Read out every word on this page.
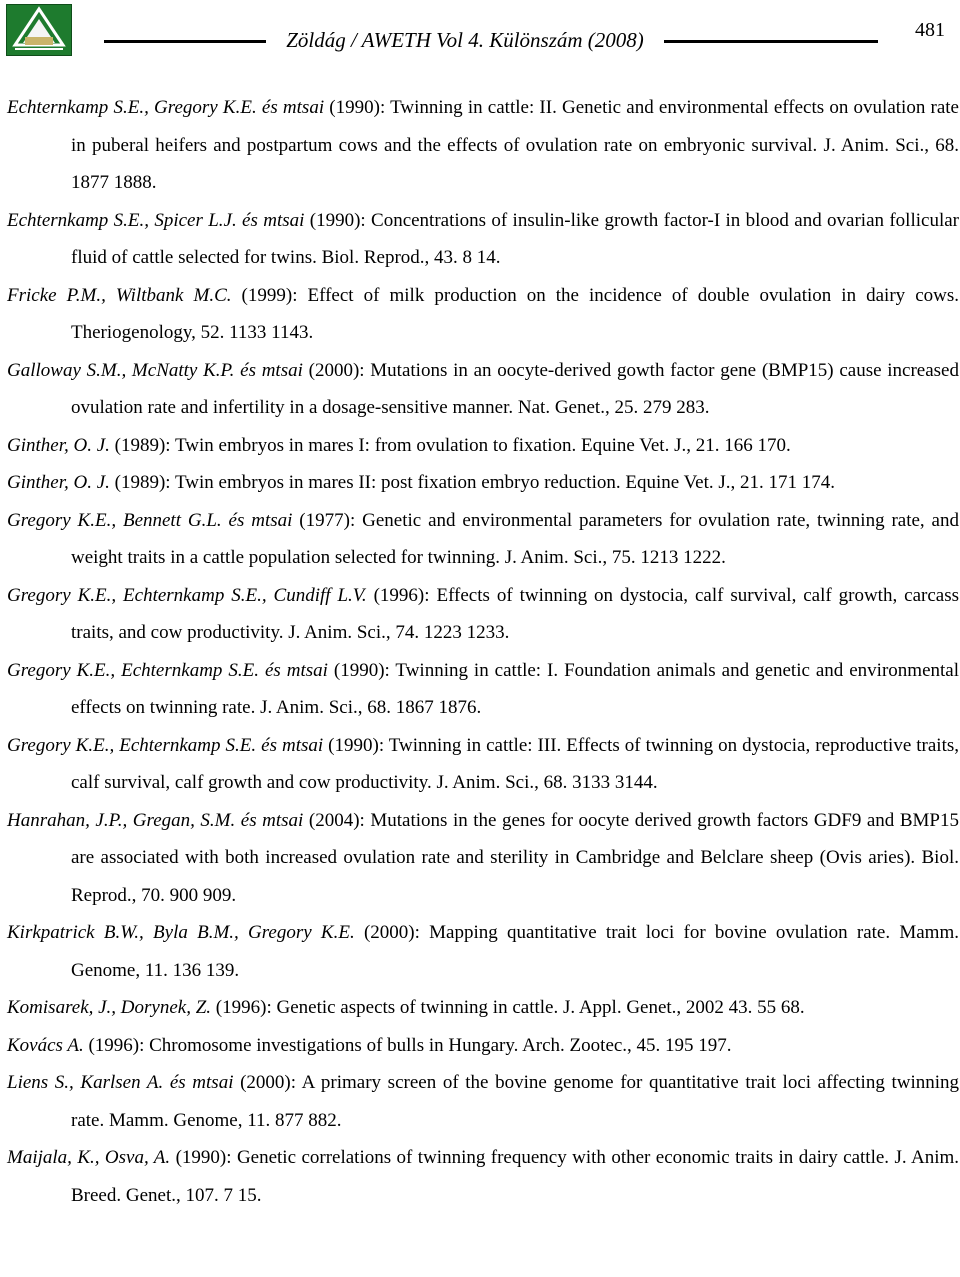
Zöldág / AWETH Vol 4. Különszám (2008)	481

Echternkamp S.E., Gregory K.E. és mtsai (1990): Twinning in cattle: II. Genetic and environmental effects on ovulation rate in puberal heifers and postpartum cows and the effects of ovulation rate on embryonic survival. J. Anim. Sci., 68. 1877 1888.

Echternkamp S.E., Spicer L.J. és mtsai (1990): Concentrations of insulin-like growth factor-I in blood and ovarian follicular fluid of cattle selected for twins. Biol. Reprod., 43. 8 14.

Fricke P.M., Wiltbank M.C. (1999): Effect of milk production on the incidence of double ovulation in dairy cows. Theriogenology, 52. 1133 1143.

Galloway S.M., McNatty K.P. és mtsai (2000): Mutations in an oocyte-derived gowth factor gene (BMP15) cause increased ovulation rate and infertility in a dosage-sensitive manner. Nat. Genet., 25. 279 283.

Ginther, O. J. (1989): Twin embryos in mares I: from ovulation to fixation. Equine Vet. J., 21. 166 170.

Ginther, O. J. (1989): Twin embryos in mares II: post fixation embryo reduction. Equine Vet. J., 21. 171 174.

Gregory K.E., Bennett G.L. és mtsai (1977): Genetic and environmental parameters for ovulation rate, twinning rate, and weight traits in a cattle population selected for twinning. J. Anim. Sci., 75. 1213 1222.

Gregory K.E., Echternkamp S.E., Cundiff L.V. (1996): Effects of twinning on dystocia, calf survival, calf growth, carcass traits, and cow productivity. J. Anim. Sci., 74. 1223 1233.

Gregory K.E., Echternkamp S.E. és mtsai (1990): Twinning in cattle: I. Foundation animals and genetic and environmental effects on twinning rate. J. Anim. Sci., 68. 1867 1876.

Gregory K.E., Echternkamp S.E. és mtsai (1990): Twinning in cattle: III. Effects of twinning on dystocia, reproductive traits, calf survival, calf growth and cow productivity. J. Anim. Sci., 68. 3133 3144.

Hanrahan, J.P., Gregan, S.M. és mtsai (2004): Mutations in the genes for oocyte derived growth factors GDF9 and BMP15 are associated with both increased ovulation rate and sterility in Cambridge and Belclare sheep (Ovis aries). Biol. Reprod., 70. 900 909.

Kirkpatrick B.W., Byla B.M., Gregory K.E. (2000): Mapping quantitative trait loci for bovine ovulation rate. Mamm. Genome, 11. 136 139.

Komisarek, J., Dorynek, Z. (1996): Genetic aspects of twinning in cattle. J. Appl. Genet., 2002 43. 55 68.

Kovács A. (1996): Chromosome investigations of bulls in Hungary. Arch. Zootec., 45. 195 197.

Liens S., Karlsen A. és mtsai (2000): A primary screen of the bovine genome for quantitative trait loci affecting twinning rate. Mamm. Genome, 11. 877 882.

Maijala, K., Osva, A. (1990): Genetic correlations of twinning frequency with other economic traits in dairy cattle. J. Anim. Breed. Genet., 107. 7 15.
